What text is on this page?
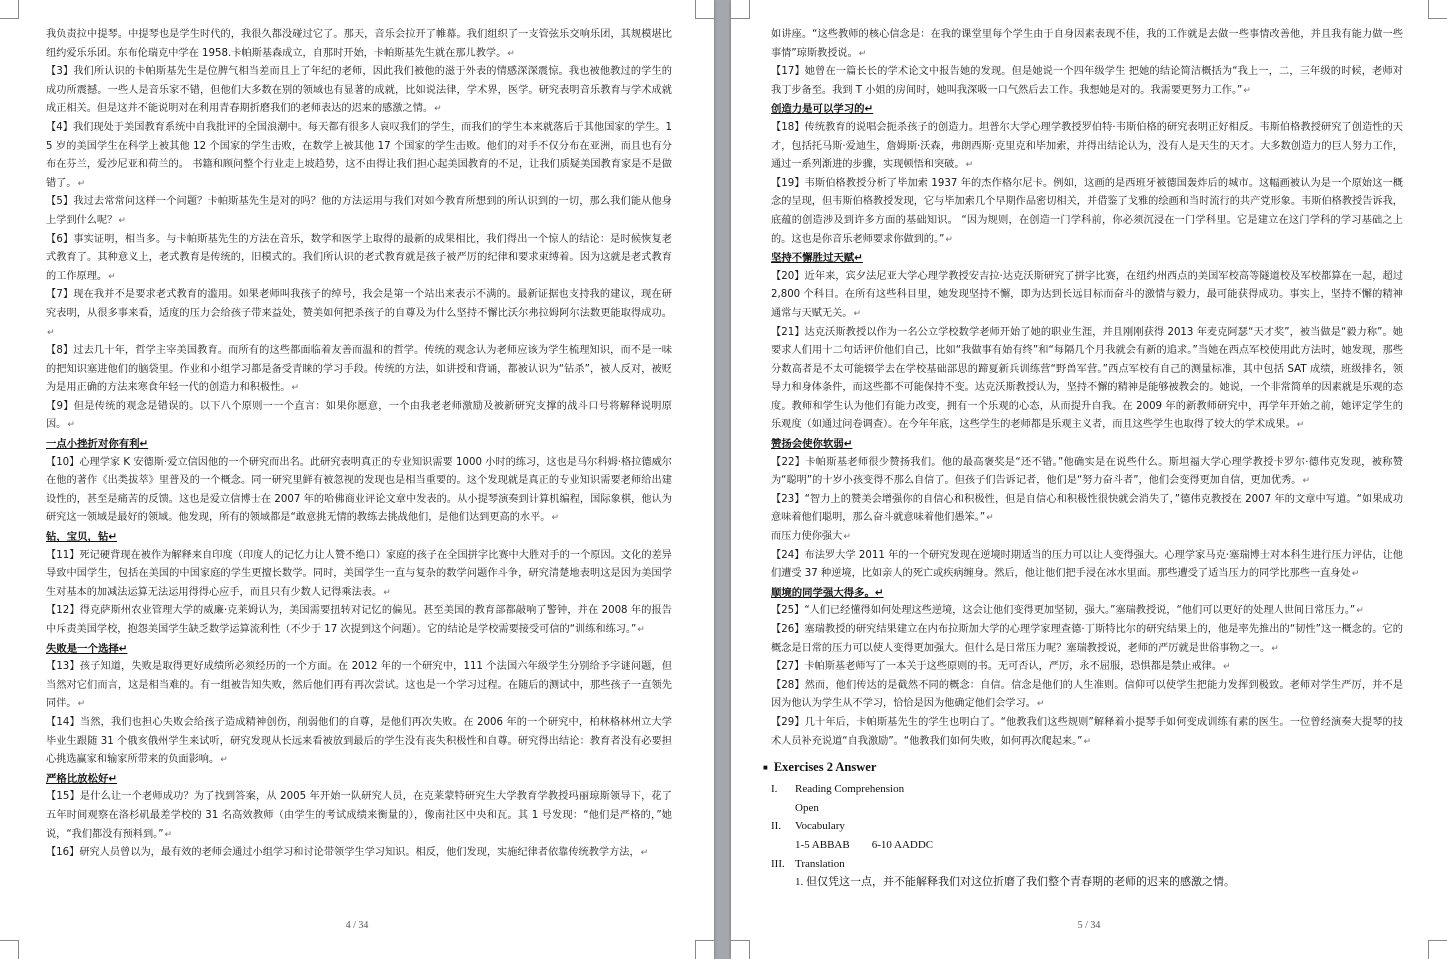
我负责拉中提琴。中提琴也是学生时代的，我很久都没碰过它了。那天，音乐会拉开了帷幕。我们组织了一支管弦乐交响乐团，其规模堪比纽约爱乐乐团。东布伦瑞克中学在 1958.卡帕斯基森成立，自那时开始，卡帕斯基先生就在那儿教学。↵

【3】我们所认识的卡帕斯基先生是位脾气相当差而且上了年纪的老师，因此我们被他的滋于外表的情感深深震惊。我也被他教过的学生的成功所震撼。一些人是音乐家不错，但他们大多数在别的领域也有显著的成就，比如说法律，学术界，医学。研究表明音乐教育与学术成就成正相关。但是这并不能说明对在利用青春期折磨我们的老师表达的迟来的感激之情。↵

【4】我们现处于美国教育系统中自我批评的全国浪潮中。每天都有很多人哀叹我们的学生，而我们的学生本来就落后于其他国家的学生。15 岁的美国学生在科学上被其他 12 个国家的学生击败，在数学上被其他 17 个国家的学生击败。他们的对手不仅分布在亚洲，而且也有分布在芬兰，爱沙尼亚和荷兰的。 书籍和顾问整个行业走上坡趋势，这不由得让我们担心起美国教育的不足，让我们质疑美国教育家是不是做错了。↵

【5】我过去常常问这样一个问题？卡帕斯基先生是对的吗？他的方法运用与我们对如今教育所想到的所认识到的一切，那么我们能从他身上学到什么呢？↵

【6】事实证明，相当多。与卡帕斯基先生的方法在音乐，数学和医学上取得的最新的成果相比，我们得出一个惊人的结论：是时候恢复老式教育了。其种意义上，老式教育是传统的，旧模式的。我们所认识的老式教育就是孩子被严厉的纪律和要求束缚着。因为这就是老式教育的工作原理。↵

【7】现在我并不是要求老式教育的滥用。如果老师叫我孩子的绰号，我会是第一个站出来表示不满的。最新证据也支持我的建议，现在研究表明，从很多事来看，适度的压力会给孩子带来益处，赞美如何把杀孩子的自尊及为什么坚持不懈比沃尔弗拉姆阿尔法数更能取得成功。↵

【8】过去几十年，哲学主宰美国教育。而所有的这些都面临着友善而温和的哲学。传统的观念认为老师应该为学生梳理知识，而不是一味的把知识塞进他们的脑袋里。作业和小组学习都是备受青睐的学习手段。传统的方法，如讲授和背诵，都被认识为“钻杀”，被人反对，被贬为是用正确的方法来寒食年轻一代的创造力和积极性。↵

【9】但是传统的观念是错误的。以下八个原则一一个直言：如果你愿意，一个由我老老师激励及被新研究支撑的战斗口号将解释说明原因。↵

一点小挫折对你有利↵

【10】心理学家 K 安德斯·爱立信因他的一个研究而出名。此研究表明真正的专业知识需要 1000 小时的练习，这也是马尔科姆·格拉德威尔在他的著作《出类拔萃》里普及的一个概念。同一研究里鲜有被忽视的发现也是相当重要的。这个发现就是真正的专业知识需要老师给出建设性的，甚至是痛苦的反馈。这也是爱立信博士在 2007 年的哈佛商业评论文章中发表的。从小提琴演奏到计算机编程，国际象棋，他认为研究这一领域是最好的领域。他发现，所有的领域都是“敢意挑无情的教练去挑战他们，是他们达到更高的水平。↵

钻，宝贝，钻↵

【11】死记硬背现在被作为解释来自印度（印度人的记忆力让人赞不绝口）家庭的孩子在全国拼字比赛中大胜对手的一个原因。文化的差异导致中国学生，包括在美国的中国家庭的学生更擅长数学。同时，美国学生一直与复杂的数学问题作斗争，研究清楚地表明这是因为美国学生对基本的加减法运算无法运用得得心应手，而且只有少数人记得乘法表。↵

【12】得克萨斯州农业管理大学的威廉·克莱姆认为，美国需要扭转对记忆的偏见。甚至美国的教育部都敲响了警钟，并在 2008 年的报告中斥责美国学校，抱怨美国学生缺乏数学运算流利性（不少于 17 次提到这个问题）。它的结论是学校需要接受可信的“训练和练习。”↵

失败是一个选择↵

【13】孩子知道，失败是取得更好成绩所必须经历的一个方面。在 2012 年的一个研究中，111 个法国六年级学生分别给予字谜问题，但当然对它们而言，这是相当难的。有一组被告知失败，然后他们再有再次尝试。这也是一个学习过程。在随后的测试中，那些孩子一直领先同伴。↵

【14】当然，我们也担心失败会给孩子造成精神创伤，削弱他们的自尊，是他们再次失败。在 2006 年的一个研究中，柏林格林州立大学毕业生跟随 31 个俄亥俄州学生来试听，研究发现从长远来看被放到最后的学生没有丧失积极性和自尊。研究得出结论：教育者没有必要担心挑选赢家和输家所带来的负面影响。↵

严格比放松好↵

【15】是什么让一个老师成功？为了找到答案，从 2005 年开始一队研究人员，在克莱蒙特研究生大学教育学教授玛丽琼斯领导下，花了五年时间观察在洛杉矶最差学校的 31 名高效教师（由学生的考试成绩来衡量的），像南社区中央和瓦。其 1 号发现：“他们是严格的，”她说，“我们都没有预料到。”↵

【16】研究人员曾以为，最有效的老师会通过小组学习和讨论带领学生学习知识。相反，他们发现，实施纪律者依靠传统教学方法，↵

4 / 34

如讲座。“这些教师的核心信念是：在我的课堂里每个学生由于自身因素表现不佳，我的工作就是去做一些事情改善他，并且我有能力做一些事情”琼斯教授说。↵

【17】她曾在一篇长长的学术论文中报告她的发现。但是她说一个四年级学生 把她的结论简洁概括为“我上一，二，三年级的时候，老师对我丁步备至。我到 T 小姐的房间时，她叫我深吸一口气然后去工作。我想她是对的。我需要更努力工作。”↵

创造力是可以学习的↵

【18】传统教育的说唱会扼杀孩子的创造力。坦普尔大学心理学教授罗伯特·韦斯伯格的研究表明正好相反。韦斯伯格教授研究了创造性的天才，包括托马斯·爱迪生，詹姆斯·沃森，弗朗西斯·克里克和毕加索，并得出结论认为，没有人是天生的天才。大多数创造力的巨人努力工作，通过一系列渐进的步骤，实现顿悟和突破。↵

【19】韦斯伯格教授分析了毕加索 1937 年的杰作格尔尼卡。例如，这画的是西班牙被德国轰炸后的城市。这幅画被认为是一个原始这一概念的呈现，但韦斯伯格教授发现，它与毕加索几个早期作品密切相关，并借鉴了戈雅的绘画和当时流行的共产党形象。韦斯伯格教授告诉我，底蕴的创造涉及到许多方面的基础知识。 “因为规则，在创造一门学科前，你必须沉浸在一门学科里。它是建立在这门学科的学习基础之上的。这也是你音乐老师要求你做到的。”↵

坚持不懈胜过天赋↵

【20】近年来，宾夕法尼亚大学心理学教授安吉拉·达克沃斯研究了拼字比赛，在纽约州西点的美国军校高等隧道校及军校都算在一起，超过 2,800 个科目。在所有这些科目里，她发现坚持不懈，即为达到长远目标而奋斗的激情与毅力，最可能获得成功。事实上，坚持不懈的精神通常与天赋无关。↵

【21】达克沃斯教授以作为一名公立学校数学老师开始了她的职业生涯，并且刚刚获得 2013 年麦克阿瑟“天才奖”，被当做是“毅力称”。她要求人们用十二句话评价他们自己，比如“我做事有始有终”和“每隔几个月我就会有新的追求。”当她在西点军校使用此方法时，她发现，那些分数高者是不太可能辍学去在学校基础部思的蹄夏新兵训练营“野兽军营。”西点军校有自己的测量标准，其中包括 SAT 成绩，班级排名，领导力和身体条件，而这些都不可能保持不变。达克沃斯教授认为，坚持不懈的精神是能够被教会的。她说，一个非常简单的因素就是乐观的态度。教师和学生认为他们有能力改变，拥有一个乐观的心态，从而提升自我。在 2009 年的新教师研究中，再学年开始之前，她评定学生的乐观度（如通过问卷调查）。在今年年底，这些学生的老师都是乐观主义者，而且这些学生也取得了较大的学术成果。↵

赞扬会使你软弱↵

【22】卡帕斯基老师很少赞扬我们。他的最高褒奖是“还不错。”他确实是在说些什么。斯坦福大学心理学教授卡罗尔·德伟克发现，被称赞为“聪明”的十岁小孩变得不那么自信了。但孩子们告诉记者，他们是“努力奋斗者”，他们会变得更加自信，更加优秀。↵

【23】“智力上的赞美会增强你的自信心和积极性，但是自信心和积极性很快就会消失了，”德伟克教授在 2007 年的文章中写道。“如果成功意味着他们聪明，那么奋斗就意味着他们愚笨。”↵

而压力使你强大↵

【24】布法罗大学 2011 年的一个研究发现在逆境时期适当的压力可以让人变得强大。心理学家马克·塞瑞博士对本科生进行压力评估，让他们遭受 37 种逆境，比如亲人的死亡或疾病缠身。然后，他让他们把手浸在冰水里面。那些遭受了适当压力的同学比那些一直身处↵

顺境的同学强大得多。↵

【25】“人们已经懂得如何处理这些逆境，这会让他们变得更加坚韧，强大。”塞瑞教授说，“他们可以更好的处理人世间日常压力。”↵

【26】塞瑞教授的研究结果建立在内布拉斯加大学的心理学家理查德·丁斯特比尔的研究结果上的，他是率先推出的“韧性”这一概念的。它的概念是日常的压力可以使人变得更加强大。但什么是日常压力呢？塞瑞教授说，老师的严厉就是世俗事物之一。↵

【27】卡帕斯基老师写了一本关于这些原则的书。无可否认，严厉，永不屈服，恐惧都是禁止戒律。↵

【28】然而，他们传达的是截然不同的概念：自信。信念是他们的人生准则。信仰可以使学生把能力发挥到极致。老师对学生严厉，并不是因为他认为学生从不学习，恰恰是因为他确定他们会学习。↵

【29】几十年后，卡帕斯基先生的学生也明白了。“他教我们这些规则”解释着小提琴手如何变成训练有素的医生。一位曾经演奏大提琴的技术人员补充说道“自我激励”。“他教我们如何失败，如何再次爬起来。”↵

■ Exercises 2 Answer
I. Reading Comprehension
Open
II. Vocabulary
1-5 ABBAB        6-10 AADDC
III. Translation
1. 但仅凭这一点，并不能解释我们对这位折磨了我们整个青春期的老师的迟来的感激之情。
5 / 34
